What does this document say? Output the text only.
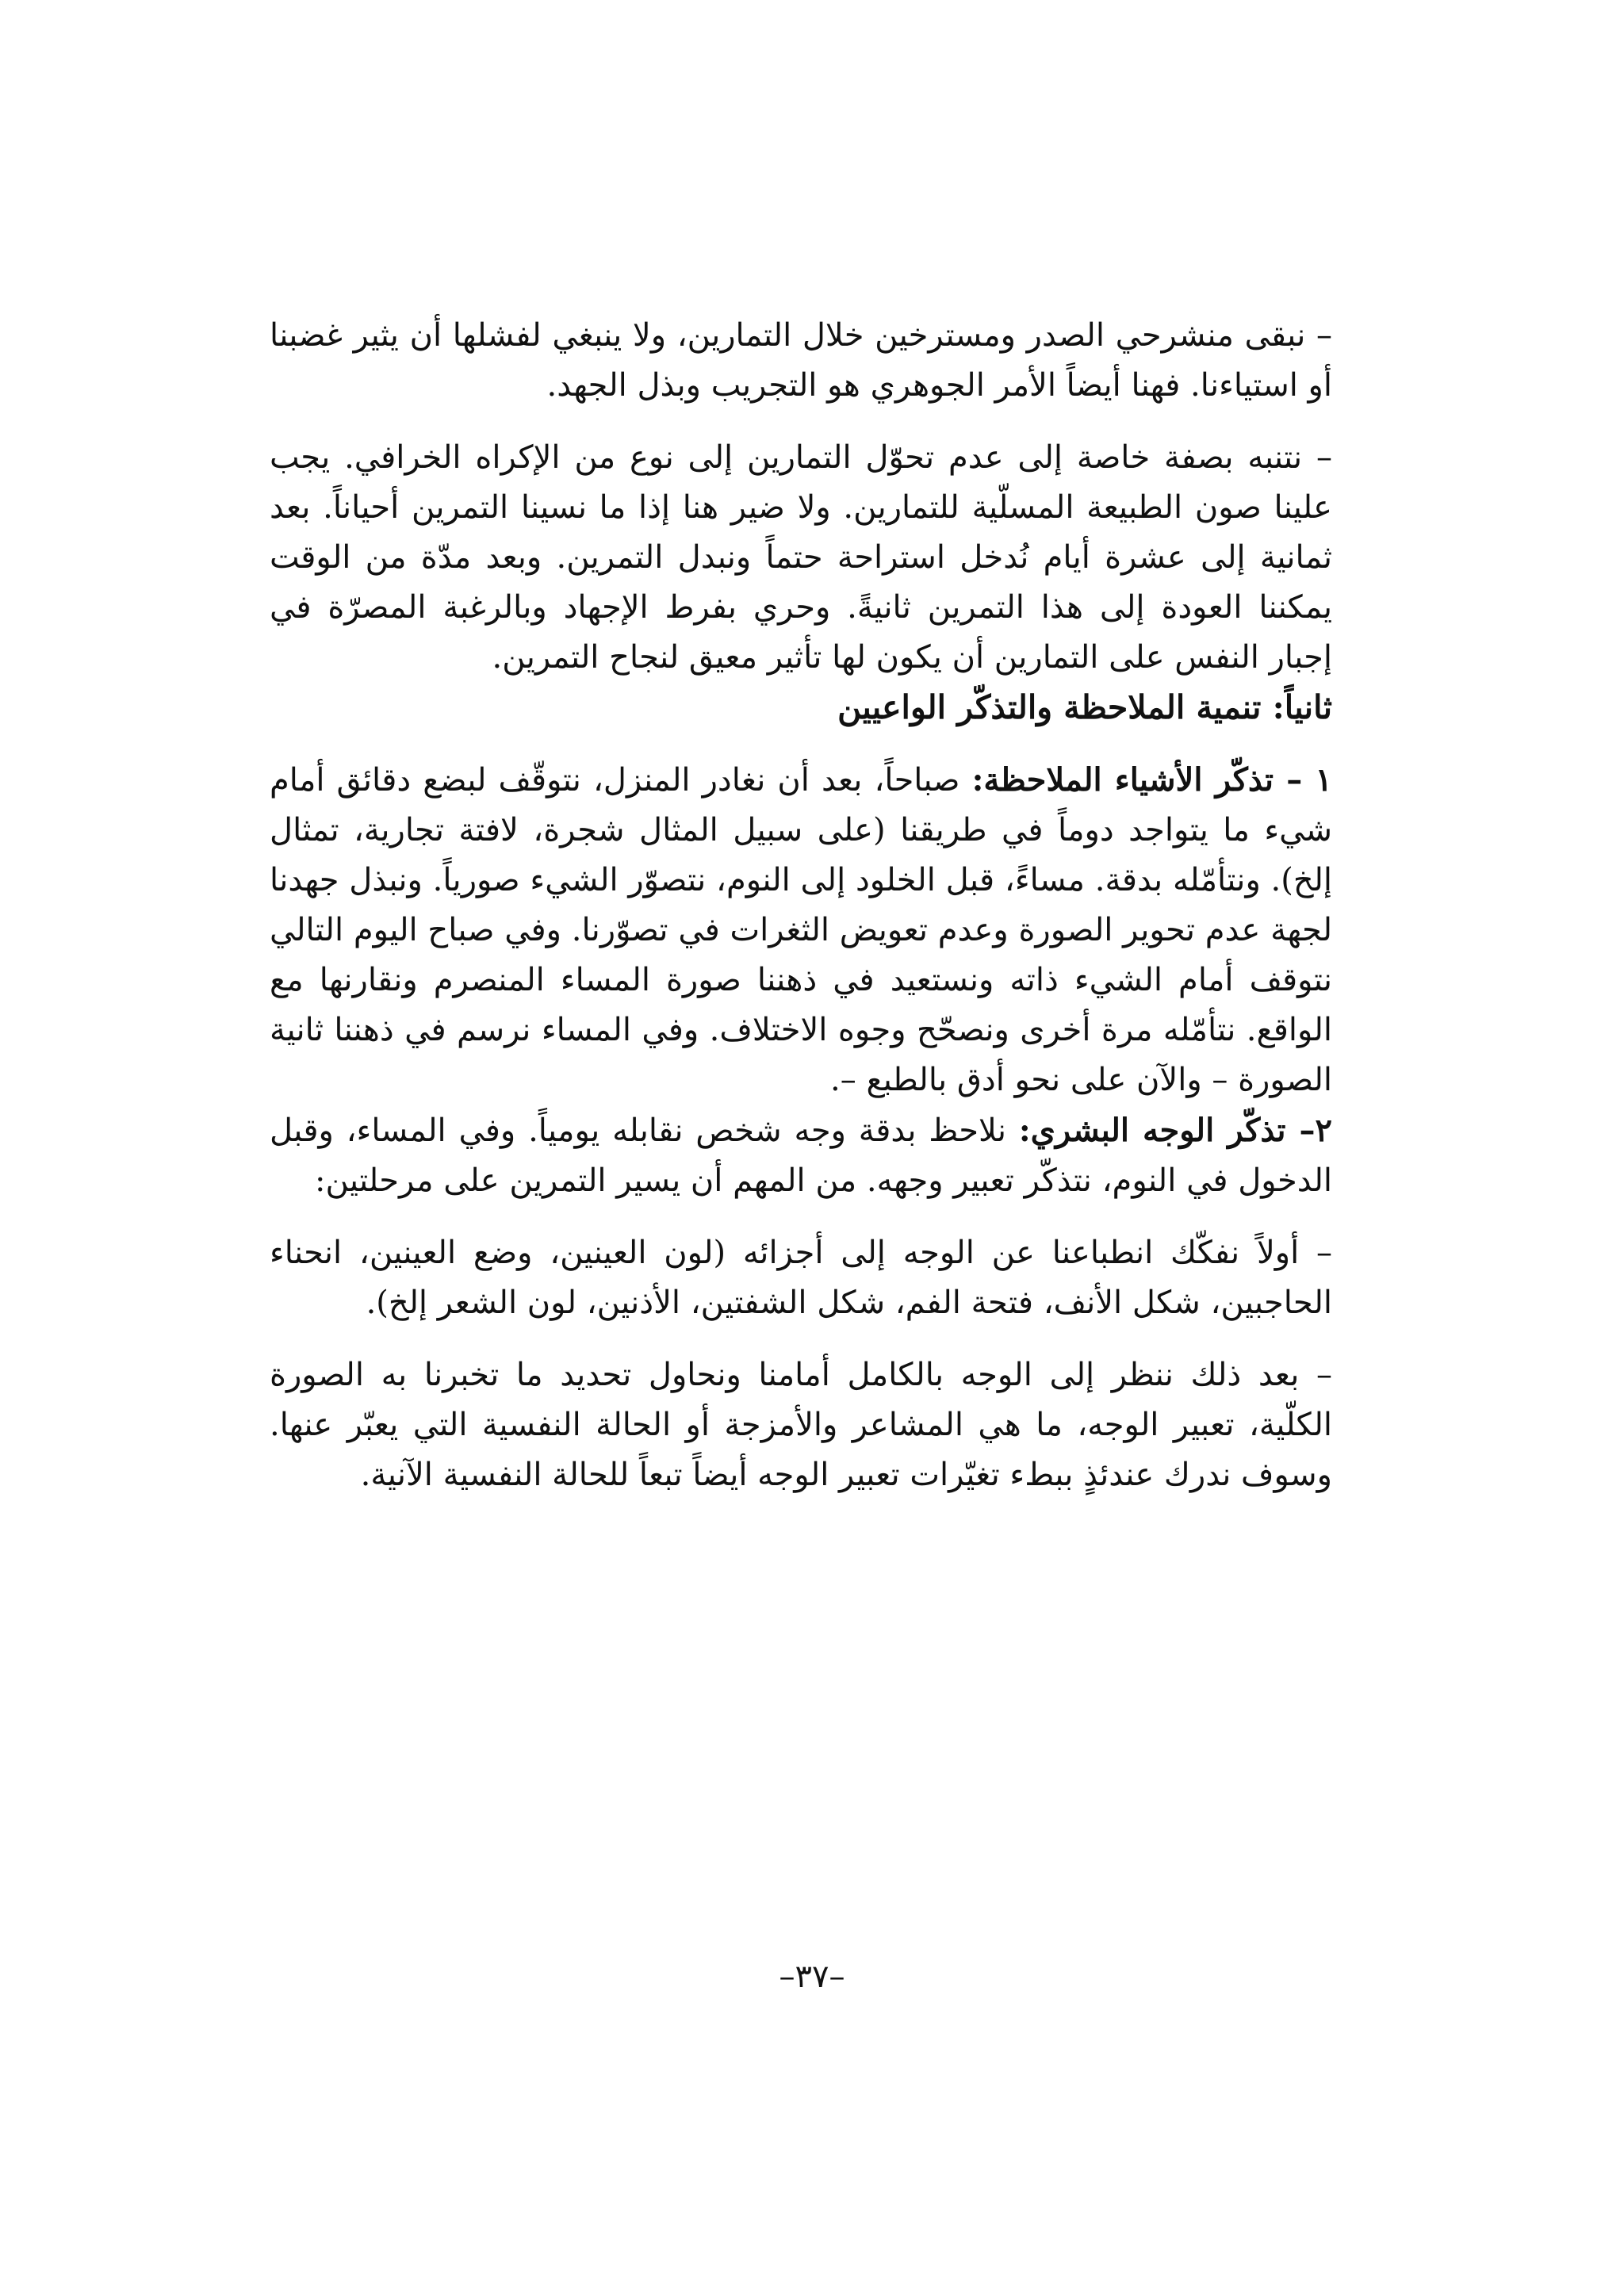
– نبقى منشرحي الصدر ومسترخين خلال التمارين، ولا ينبغي لفشلها أن يثير غضبنا أو استياءنا. فهنا أيضاً الأمر الجوهري هو التجريب وبذل الجهد.

– نتنبه بصفة خاصة إلى عدم تحوّل التمارين إلى نوع من الإكراه الخرافي. يجب علينا صون الطبيعة المسلّية للتمارين. ولا ضير هنا إذا ما نسينا التمرين أحياناً. بعد ثمانية إلى عشرة أيام نُدخل استراحة حتماً ونبدل التمرين. وبعد مدّة من الوقت يمكننا العودة إلى هذا التمرين ثانيةً. وحري بفرط الإجهاد وبالرغبة المصرّة في إجبار النفس على التمارين أن يكون لها تأثير معيق لنجاح التمرين.

ثانياً: تنمية الملاحظة والتذكّر الواعيين

١ – تذكّر الأشياء الملاحظة: صباحاً، بعد أن نغادر المنزل، نتوقّف لبضع دقائق أمام شيء ما يتواجد دوماً في طريقنا (على سبيل المثال شجرة، لافتة تجارية، تمثال إلخ). ونتأمّله بدقة. مساءً، قبل الخلود إلى النوم، نتصوّر الشيء صورياً. ونبذل جهدنا لجهة عدم تحوير الصورة وعدم تعويض الثغرات في تصوّرنا. وفي صباح اليوم التالي نتوقف أمام الشيء ذاته ونستعيد في ذهننا صورة المساء المنصرم ونقارنها مع الواقع. نتأمّله مرة أخرى ونصحّح وجوه الاختلاف. وفي المساء نرسم في ذهننا ثانية الصورة – والآن على نحو أدق بالطبع –.

٢– تذكّر الوجه البشري: نلاحظ بدقة وجه شخص نقابله يومياً. وفي المساء، وقبل الدخول في النوم، نتذكّر تعبير وجهه. من المهم أن يسير التمرين على مرحلتين:

– أولاً نفكّك انطباعنا عن الوجه إلى أجزائه (لون العينين، وضع العينين، انحناء الحاجبين، شكل الأنف، فتحة الفم، شكل الشفتين، الأذنين، لون الشعر إلخ).

– بعد ذلك ننظر إلى الوجه بالكامل أمامنا ونحاول تحديد ما تخبرنا به الصورة الكلّية، تعبير الوجه، ما هي المشاعر والأمزجة أو الحالة النفسية التي يعبّر عنها. وسوف ندرك عندئذٍ ببطء تغيّرات تعبير الوجه أيضاً تبعاً للحالة النفسية الآنية.

–٣٧–
